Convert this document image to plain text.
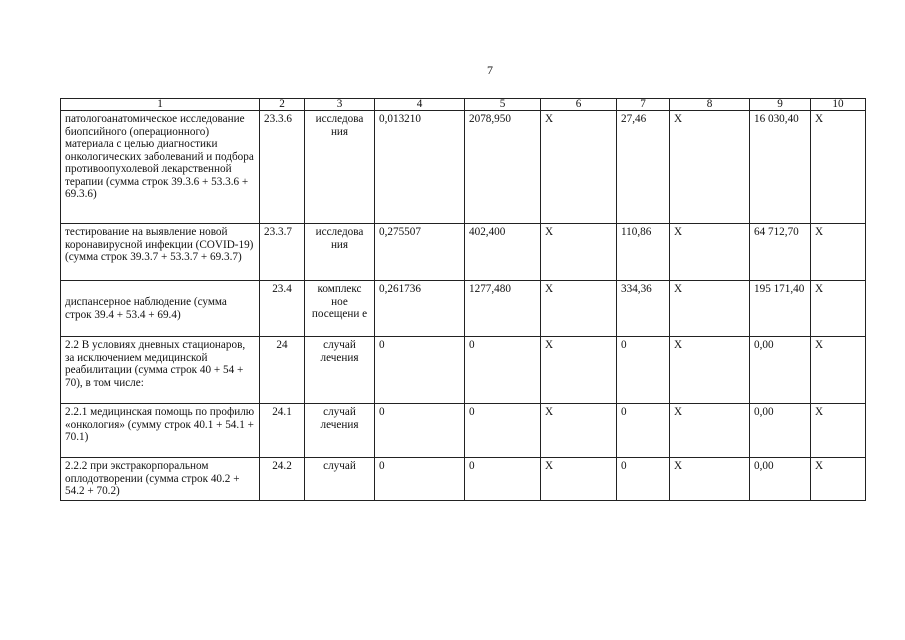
7
1	2	3	4	5	6	7	8	9	10
патологоанатомическое исследование биопсийного (операционного) материала с целью диагностики онкологических заболеваний и подбора противоопухолевой лекарственной терапии (сумма строк 39.3.6 + 53.3.6 + 69.3.6)	23.3.6	исследова ния	0,013210	2078,950	X	27,46	X	16 030,40	X
тестирование на выявление новой коронавирусной инфекции (COVID-19) (сумма строк 39.3.7 + 53.3.7 + 69.3.7)	23.3.7	исследова ния	0,275507	402,400	X	110,86	X	64 712,70	X
диспансерное наблюдение (сумма строк 39.4 + 53.4 + 69.4)	23.4	комплекс ное посещени е	0,261736	1277,480	X	334,36	X	195 171,40	X
2.2 В условиях дневных стационаров, за исключением медицинской реабилитации (сумма строк 40 + 54 + 70), в том числе:	24	случай лечения	0	0	X	0	X	0,00	X
2.2.1 медицинская помощь по профилю «онкология» (сумму строк 40.1 + 54.1 + 70.1)	24.1	случай лечения	0	0	X	0	X	0,00	X
2.2.2 при экстракорпоральном оплодотворении (сумма строк 40.2 + 54.2 + 70.2)	24.2	случай	0	0	X	0	X	0,00	X
